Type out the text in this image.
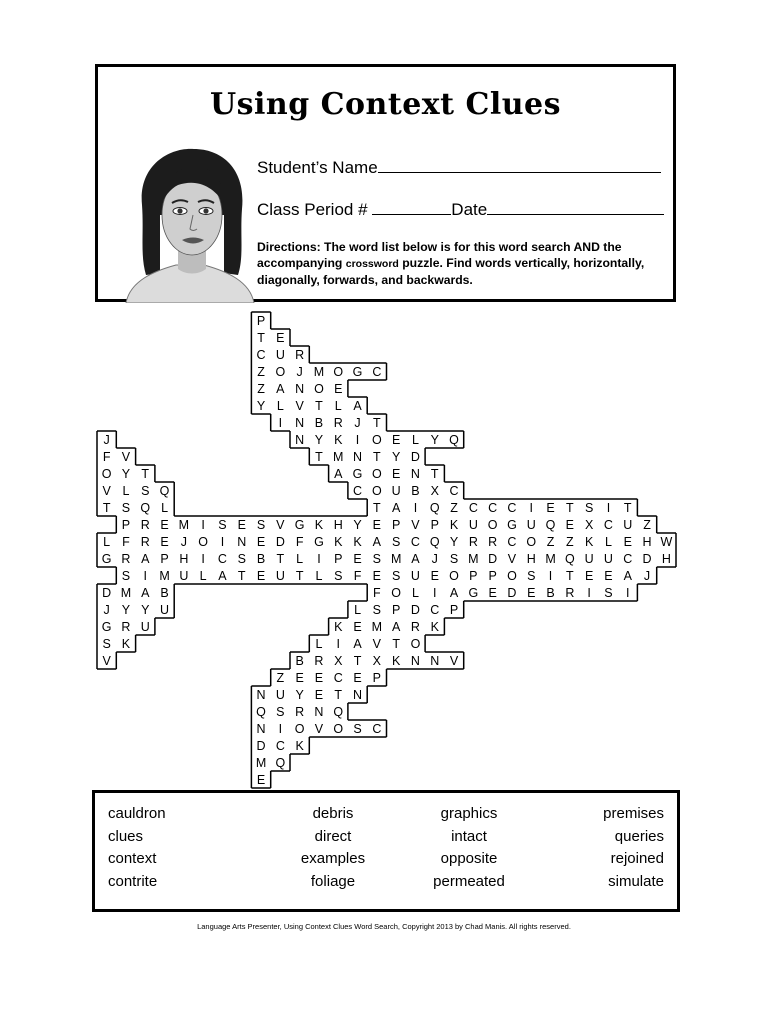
Using Context Clues
Student’s Name
Class Period #	Date
Directions: The word list below is for this word search AND the accompanying crossword puzzle. Find words vertically, horizontally, diagonally, forwards, and backwards.
P
T E
C U R
Z O J M O G C
Z A N O E
Y L V T L A
I N B R J T
J	N Y K I O E L Y Q
F V	T M N T Y D
O Y T	A G O E N T
V L S Q	C O U B X C
T S Q L	T A I Q Z C C C I E T S I T
P R E M I S E S V G K H Y E P V P K U O G U Q E X C U Z
L F R E J O I N E D F G K K A S C Q Y R R C O Z Z K L E H W
G R A P H I C S B T L I P E S M A J S M D V H M Q U U C D H
S I M U L A T E U T L S F E S U E O P P O S I T E E A J
D M A B	F O L I A G E D E B R I S I
J Y Y U	L S P D C P
G R U	K E M A R K
S K	L I A V T O
V	B R X T X K N N V
Z E E C E P
N U Y E T N
Q S R N Q
N I O V O S C
D C K
M Q
E
cauldron
clues
context
contrite
debris
direct
examples
foliage
graphics
intact
opposite
permeated
premises
queries
rejoined
simulate
Language Arts Presenter, Using Context Clues Word Search, Copyright 2013 by Chad Manis. All rights reserved.
